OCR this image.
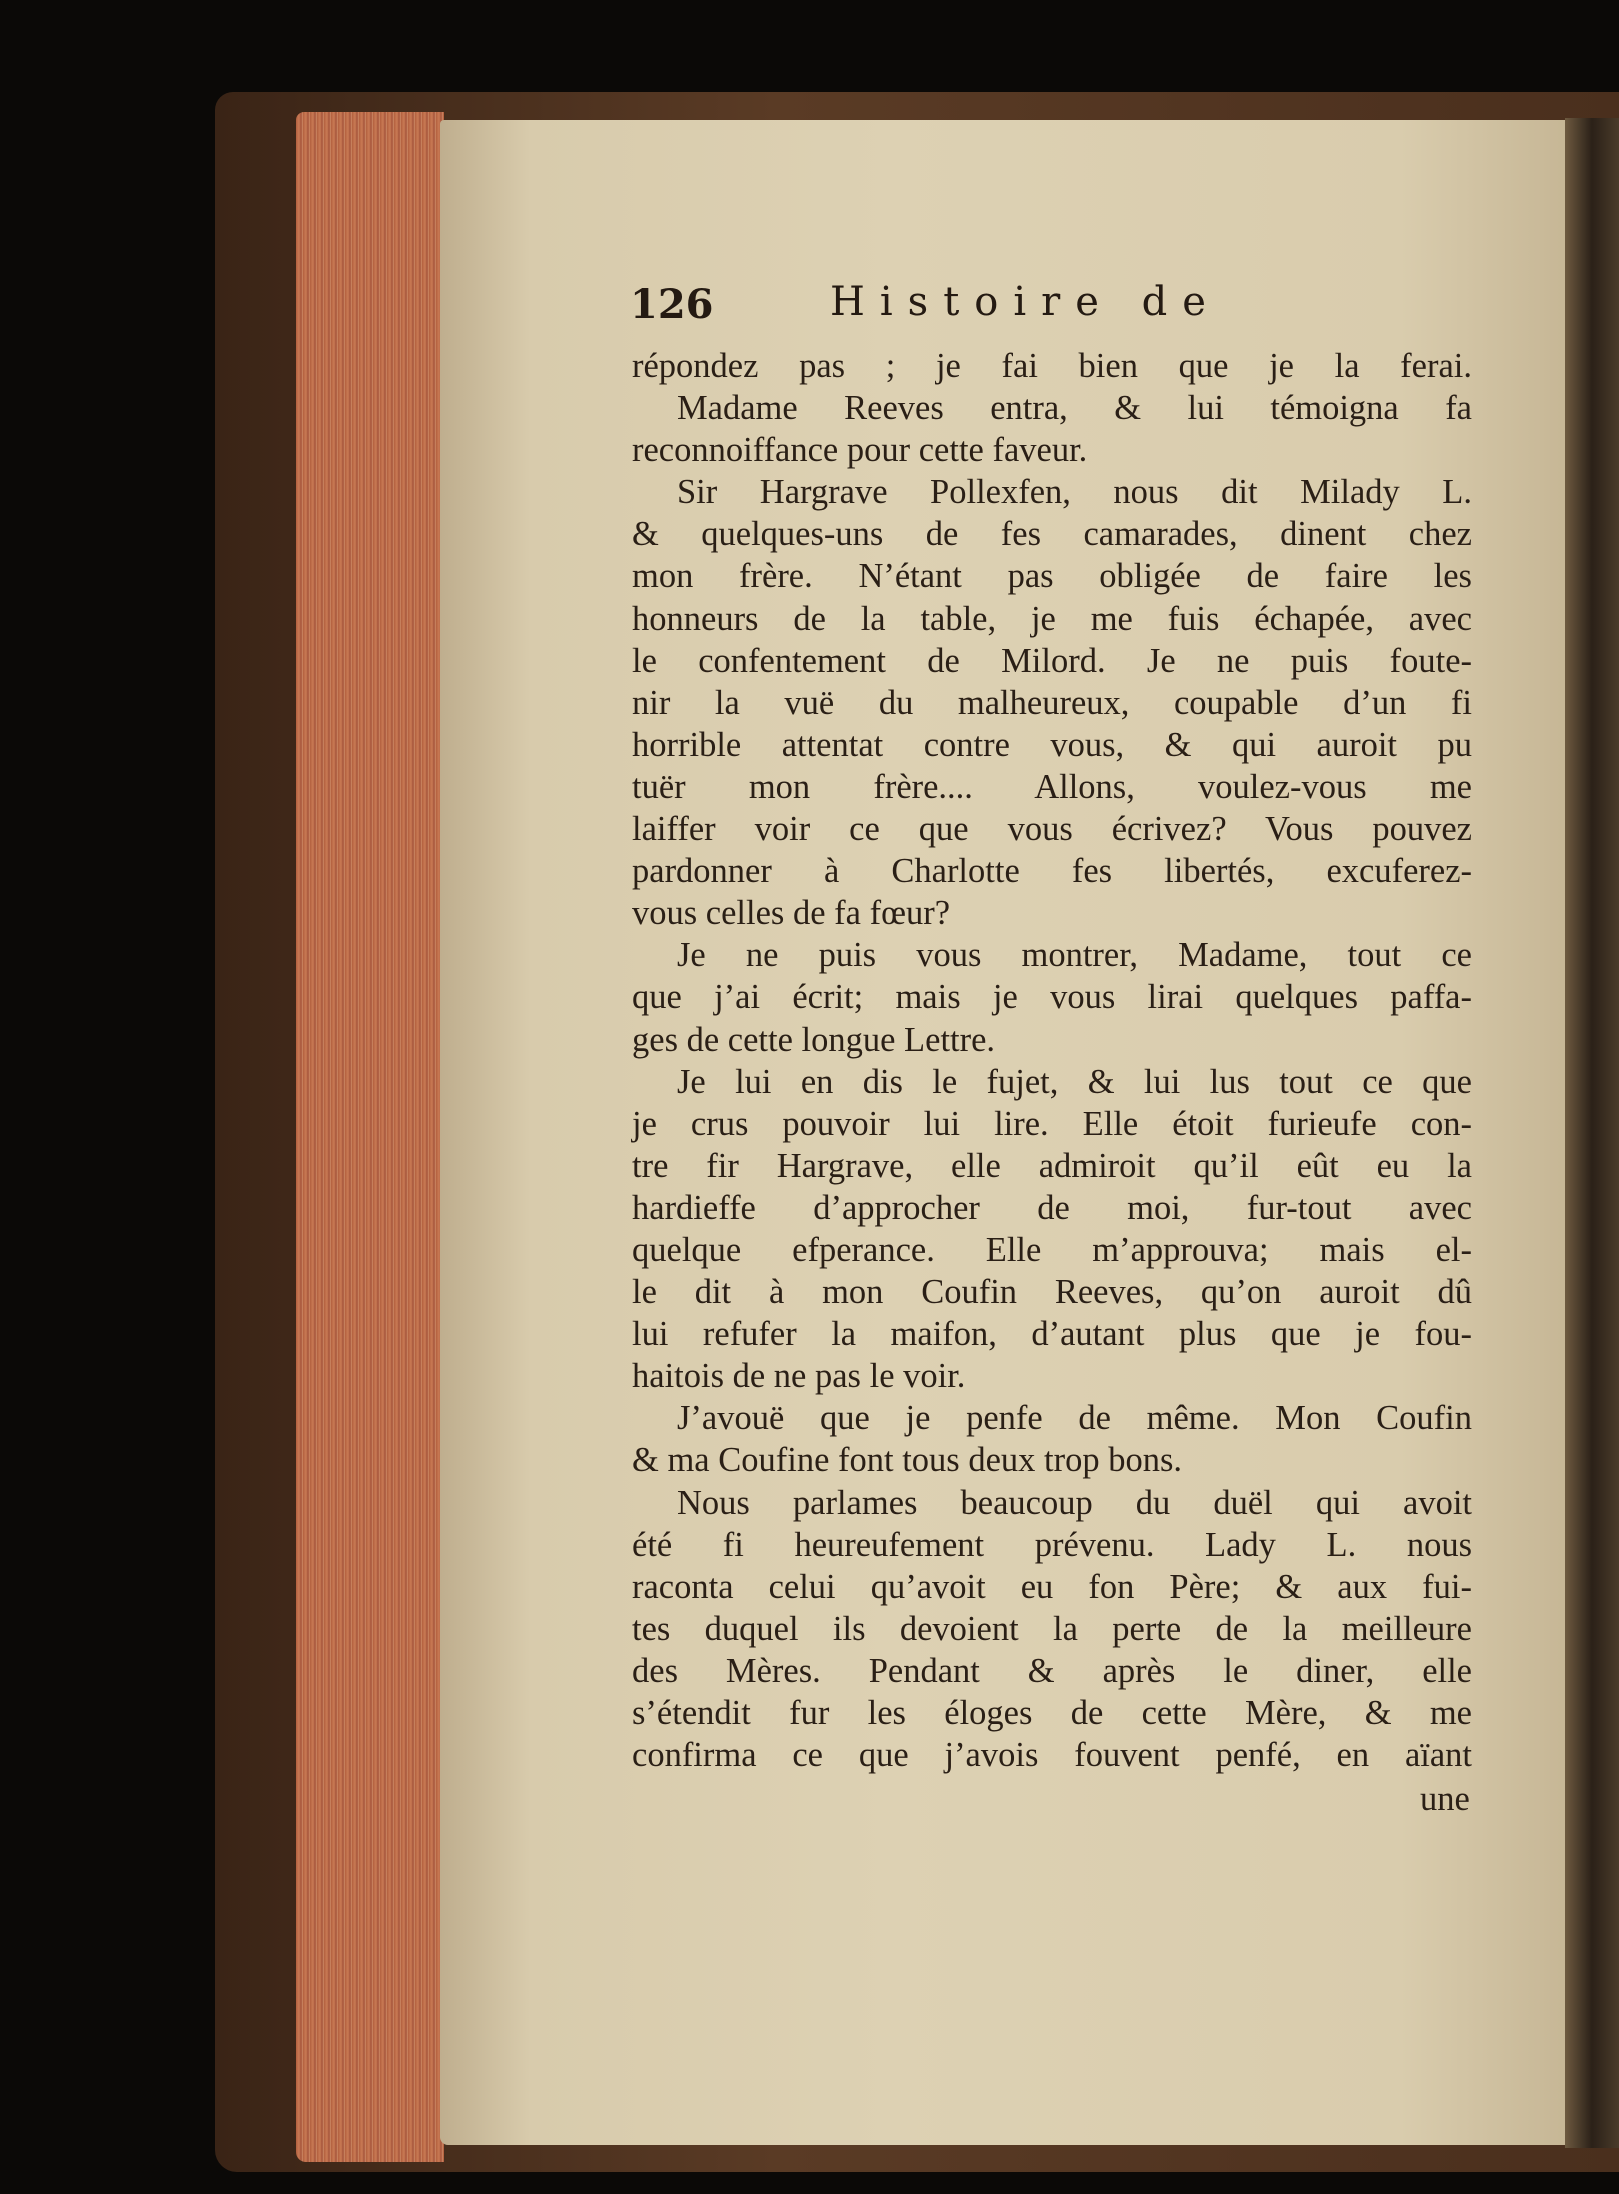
126	Histoire de
répondez pas ; je fai bien que je la ferai.
Madame Reeves entra, & lui témoigna fa
reconnoiffance pour cette faveur.
Sir Hargrave Pollexfen, nous dit Milady L.
& quelques-uns de fes camarades, dinent chez
mon frère. N’étant pas obligée de faire les
honneurs de la table, je me fuis échapée, avec
le confentement de Milord. Je ne puis foute-
nir la vuë du malheureux, coupable d’un fi
horrible attentat contre vous, & qui auroit pu
tuër mon frère.... Allons, voulez-vous me
laiffer voir ce que vous écrivez? Vous pouvez
pardonner à Charlotte fes libertés, excuferez-
vous celles de fa fœur?
Je ne puis vous montrer, Madame, tout ce
que j’ai écrit; mais je vous lirai quelques paffa-
ges de cette longue Lettre.
Je lui en dis le fujet, & lui lus tout ce que
je crus pouvoir lui lire. Elle étoit furieufe con-
tre fir Hargrave, elle admiroit qu’il eût eu la
hardieffe d’approcher de moi, fur-tout avec
quelque efperance. Elle m’approuva; mais el-
le dit à mon Coufin Reeves, qu’on auroit dû
lui refufer la maifon, d’autant plus que je fou-
haitois de ne pas le voir.
J’avouë que je penfe de même. Mon Coufin
& ma Coufine font tous deux trop bons.
Nous parlames beaucoup du duël qui avoit
été fi heureufement prévenu. Lady L. nous
raconta celui qu’avoit eu fon Père; & aux fui-
tes duquel ils devoient la perte de la meilleure
des Mères. Pendant & après le diner, elle
s’étendit fur les éloges de cette Mère, & me
confirma ce que j’avois fouvent penfé, en aïant
une
